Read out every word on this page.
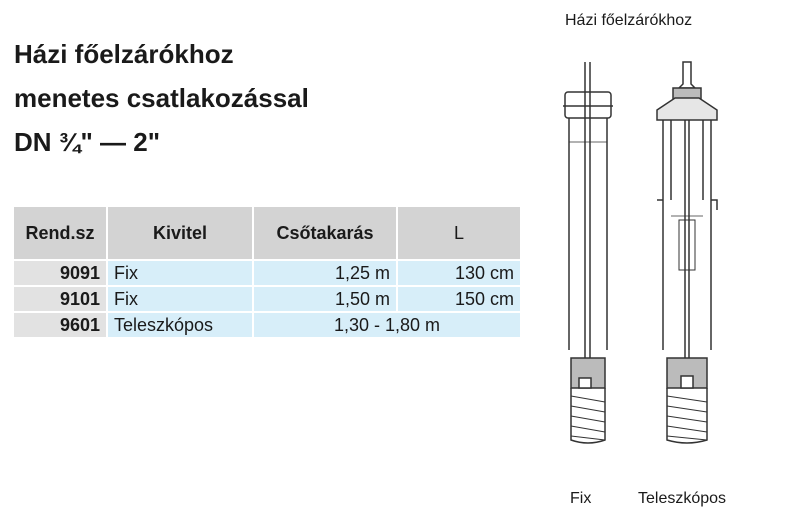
Házi főelzárókhoz
menetes csatlakozással
DN ¾" — 2"
Rend.sz	Kivitel	Csőtakarás	L
9091	Fix	1,25 m	130 cm
9101	Fix	1,50 m	150 cm
9601	Teleszkópos	1,30 - 1,80 m	
Házi főelzárókhoz
Fix	Teleszkópos
